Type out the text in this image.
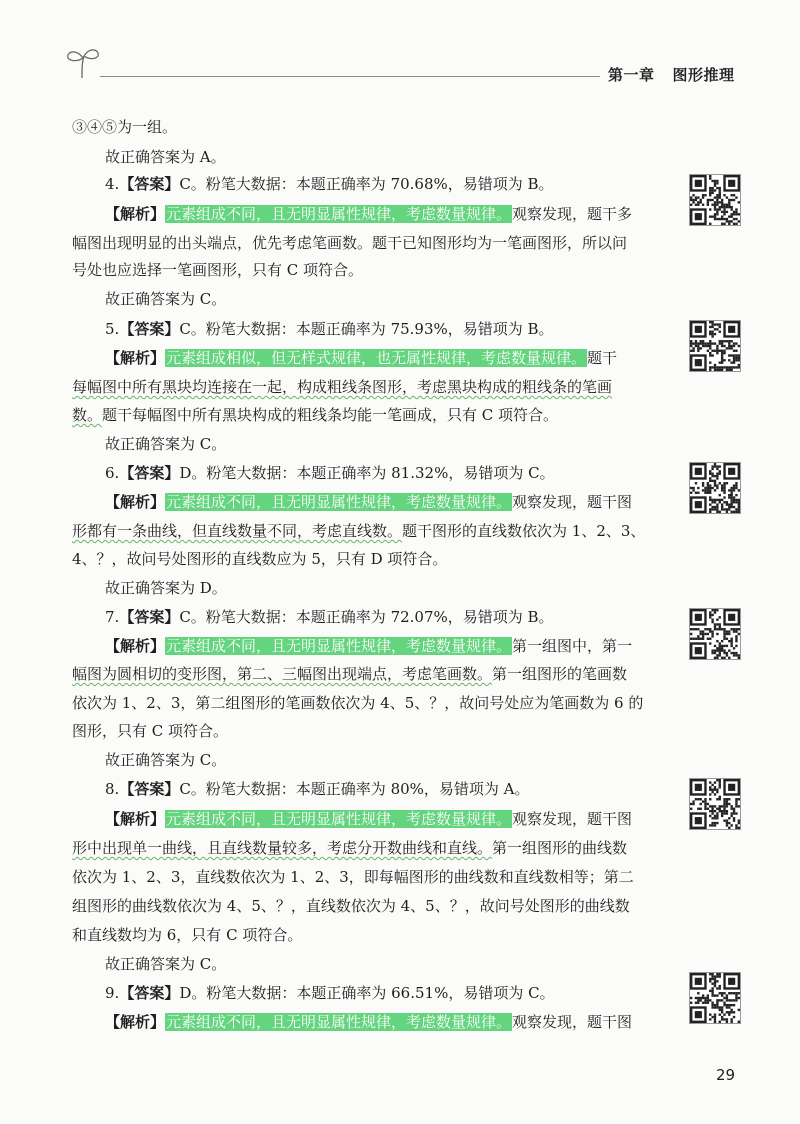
第一章 图形推理
③④⑤为一组。
故正确答案为 A。
4.【答案】C。粉笔大数据：本题正确率为 70.68%，易错项为 B。
【解析】元素组成不同，且无明显属性规律，考虑数量规律。观察发现，题干多
幅图出现明显的出头端点，优先考虑笔画数。题干已知图形均为一笔画图形，所以问
号处也应选择一笔画图形，只有 C 项符合。
故正确答案为 C。
5.【答案】C。粉笔大数据：本题正确率为 75.93%，易错项为 B。
【解析】元素组成相似，但无样式规律，也无属性规律，考虑数量规律。题干
每幅图中所有黑块均连接在一起，构成粗线条图形，考虑黑块构成的粗线条的笔画
数。题干每幅图中所有黑块构成的粗线条均能一笔画成，只有 C 项符合。
故正确答案为 C。
6.【答案】D。粉笔大数据：本题正确率为 81.32%，易错项为 C。
【解析】元素组成不同，且无明显属性规律，考虑数量规律。观察发现，题干图
形都有一条曲线，但直线数量不同，考虑直线数。题干图形的直线数依次为 1、2、3、
4、？，故问号处图形的直线数应为 5，只有 D 项符合。
故正确答案为 D。
7.【答案】C。粉笔大数据：本题正确率为 72.07%，易错项为 B。
【解析】元素组成不同，且无明显属性规律，考虑数量规律。第一组图中，第一
幅图为圆相切的变形图，第二、三幅图出现端点，考虑笔画数。第一组图形的笔画数
依次为 1、2、3，第二组图形的笔画数依次为 4、5、？，故问号处应为笔画数为 6 的
图形，只有 C 项符合。
故正确答案为 C。
8.【答案】C。粉笔大数据：本题正确率为 80%，易错项为 A。
【解析】元素组成不同，且无明显属性规律，考虑数量规律。观察发现，题干图
形中出现单一曲线，且直线数量较多，考虑分开数曲线和直线。第一组图形的曲线数
依次为 1、2、3，直线数依次为 1、2、3，即每幅图形的曲线数和直线数相等；第二
组图形的曲线数依次为 4、5、？，直线数依次为 4、5、？，故问号处图形的曲线数
和直线数均为 6，只有 C 项符合。
故正确答案为 C。
9.【答案】D。粉笔大数据：本题正确率为 66.51%，易错项为 C。
【解析】元素组成不同，且无明显属性规律，考虑数量规律。观察发现，题干图
29
